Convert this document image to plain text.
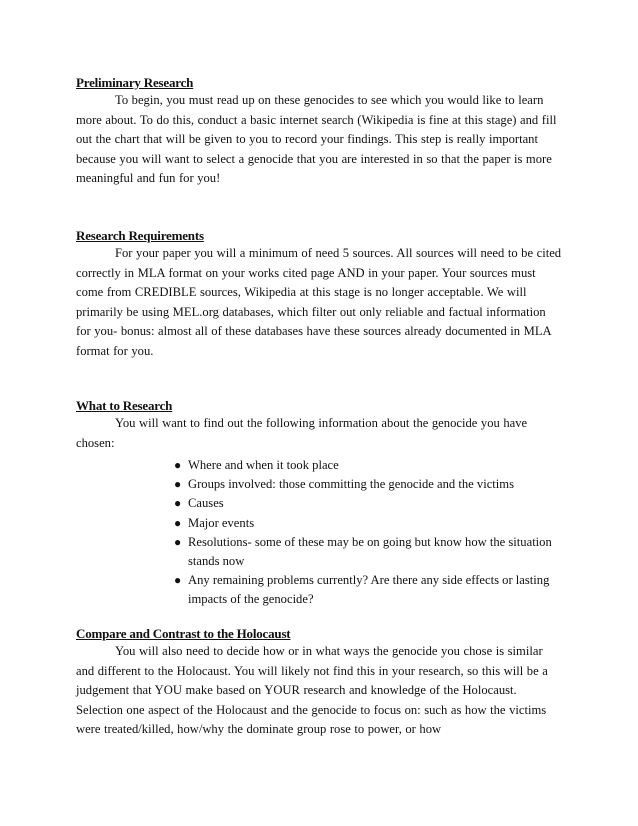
Preliminary Research

To begin, you must read up on these genocides to see which you would like to learn more about. To do this, conduct a basic internet search (Wikipedia is fine at this stage) and fill out the chart that will be given to you to record your findings. This step is really important because you will want to select a genocide that you are interested in so that the paper is more meaningful and fun for you!

Research Requirements

For your paper you will a minimum of need 5 sources. All sources will need to be cited correctly in MLA format on your works cited page AND in your paper. Your sources must come from CREDIBLE sources, Wikipedia at this stage is no longer acceptable. We will primarily be using MEL.org databases, which filter out only reliable and factual information for you- bonus: almost all of these databases have these sources already documented in MLA format for you.

What to Research

You will want to find out the following information about the genocide you have chosen:

● Where and when it took place
● Groups involved: those committing the genocide and the victims
● Causes
● Major events
● Resolutions- some of these may be on going but know how the situation stands now
● Any remaining problems currently? Are there any side effects or lasting impacts of the genocide?

Compare and Contrast to the Holocaust

You will also need to decide how or in what ways the genocide you chose is similar and different to the Holocaust. You will likely not find this in your research, so this will be a judgement that YOU make based on YOUR research and knowledge of the Holocaust. Selection one aspect of the Holocaust and the genocide to focus on: such as how the victims were treated/killed, how/why the dominate group rose to power, or how
